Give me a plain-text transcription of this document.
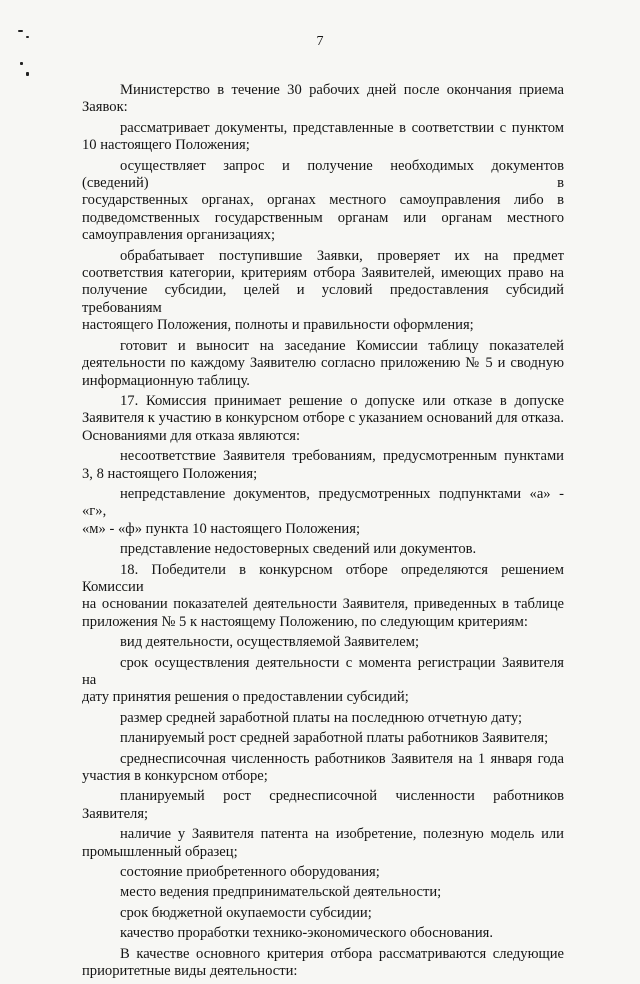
7
Министерство в течение 30 рабочих дней после окончания приема
Заявок:
рассматривает документы, представленные в соответствии с пунктом
10 настоящего Положения;
осуществляет запрос и получение необходимых документов (сведений) в
государственных органах, органах местного самоуправления либо в
подведомственных государственным органам или органам местного
самоуправления организациях;
обрабатывает поступившие Заявки, проверяет их на предмет
соответствия категории, критериям отбора Заявителей, имеющих право на
получение субсидии, целей и условий предоставления субсидий требованиям
настоящего Положения, полноты и правильности оформления;
готовит и выносит на заседание Комиссии таблицу показателей
деятельности по каждому Заявителю согласно приложению № 5 и сводную
информационную таблицу.
17. Комиссия принимает решение о допуске или отказе в допуске
Заявителя к участию в конкурсном отборе с указанием оснований для отказа.
Основаниями для отказа являются:
несоответствие Заявителя требованиям, предусмотренным пунктами
3, 8 настоящего Положения;
непредставление документов, предусмотренных подпунктами «а» - «г»,
«м» - «ф» пункта 10 настоящего Положения;
представление недостоверных сведений или документов.
18. Победители в конкурсном отборе определяются решением Комиссии
на основании показателей деятельности Заявителя, приведенных в таблице
приложения № 5 к настоящему Положению, по следующим критериям:
вид деятельности, осуществляемой Заявителем;
срок осуществления деятельности с момента регистрации Заявителя на
дату принятия решения о предоставлении субсидий;
размер средней заработной платы на последнюю отчетную дату;
планируемый рост средней заработной платы работников Заявителя;
среднесписочная численность работников Заявителя на 1 января года
участия в конкурсном отборе;
планируемый рост среднесписочной численности работников Заявителя;
наличие у Заявителя патента на изобретение, полезную модель или
промышленный образец;
состояние приобретенного оборудования;
место ведения предпринимательской деятельности;
срок бюджетной окупаемости субсидии;
качество проработки технико-экономического обоснования.
В качестве основного критерия отбора рассматриваются следующие
приоритетные виды деятельности:
